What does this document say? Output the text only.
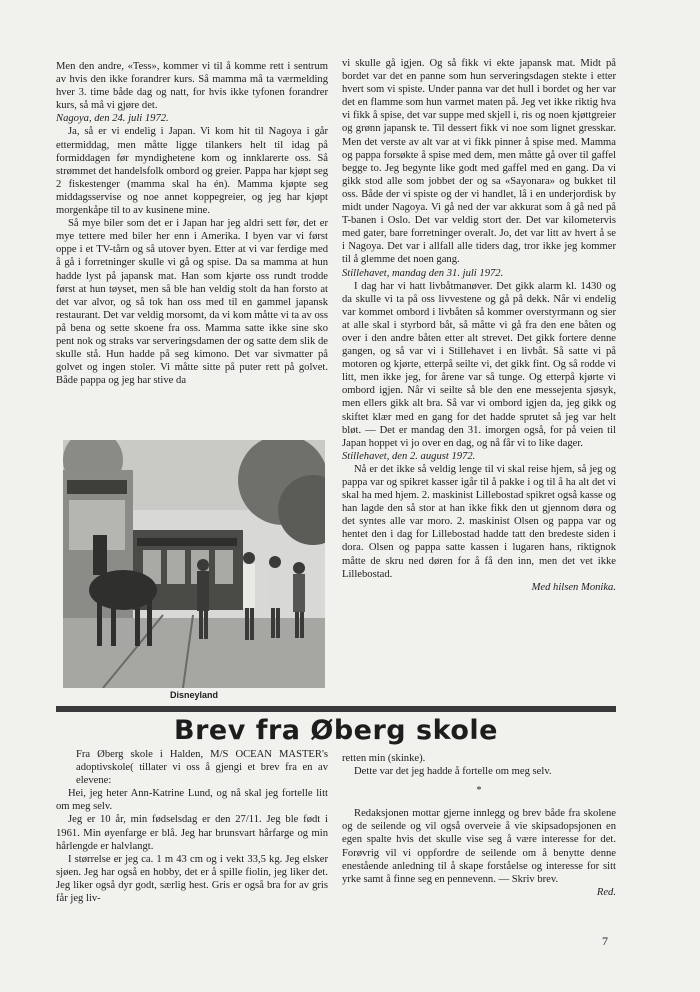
Men den andre, «Tess», kommer vi til å komme rett i sentrum av hvis den ikke forandrer kurs. Så mamma må ta værmelding hver 3. time både dag og natt, for hvis ikke tyfonen forandrer kurs, så må vi gjøre det.

Nagoya, den 24. juli 1972.

Ja, så er vi endelig i Japan. Vi kom hit til Nagoya i går ettermiddag, men måtte ligge tilankers helt til idag på formiddagen før myndighetene kom og innklarerte oss. Så strømmet det handelsfolk ombord og greier. Pappa har kjøpt seg 2 fiskestenger (mamma skal ha én). Mamma kjøpte seg middagsservise og noe annet koppegreier, og jeg har kjøpt morgenkåpe til to av kusinene mine.

Så mye biler som det er i Japan har jeg aldri sett før, det er mye tettere med biler her enn i Amerika. I byen var vi først oppe i et TV-tårn og så utover byen. Etter at vi var ferdige med å gå i forretninger skulle vi gå og spise. Da sa mamma at hun hadde lyst på japansk mat. Han som kjørte oss rundt trodde først at hun tøyset, men så ble han veldig stolt da han forsto at det var alvor, og så tok han oss med til en gammel japansk restaurant. Det var veldig morsomt, da vi kom måtte vi ta av oss på bena og sette skoene fra oss. Mamma satte ikke sine sko pent nok og straks var serveringsdamen der og satte dem slik de skulle stå. Hun hadde på seg kimono. Det var sivmatter på golvet og ingen stoler. Vi måtte sitte på puter rett på golvet. Både pappa og jeg har stive da

Disneyland

vi skulle gå igjen. Og så fikk vi ekte japansk mat. Midt på bordet var det en panne som hun serveringsdagen stekte i etter hvert som vi spiste. Under panna var det hull i bordet og her var det en flamme som hun varmet maten på. Jeg vet ikke riktig hva vi fikk å spise, det var suppe med skjell i, ris og noen kjøttgreier og grønn japansk te. Til dessert fikk vi noe som lignet gresskar. Men det verste av alt var at vi fikk pinner å spise med. Mamma og pappa forsøkte å spise med dem, men måtte gå over til gaffel begge to. Jeg begynte like godt med gaffel med en gang. Da vi gikk stod alle som jobbet der og sa «Sayonara» og bukket til oss. Både der vi spiste og der vi handlet, lå i en underjordisk by midt under Nagoya. Vi gå ned der var akkurat som å gå ned på T-banen i Oslo. Det var veldig stort der. Det var kilometervis med gater, bare forretninger overalt. Jo, det var litt av hvert å se i Nagoya. Det var i allfall alle tiders dag, tror ikke jeg kommer til å glemme det noen gang.

Stillehavet, mandag den 31. juli 1972.

I dag har vi hatt livbåtmanøver. Det gikk alarm kl. 1430 og da skulle vi ta på oss livvestene og gå på dekk. Når vi endelig var kommet ombord i livbåten så kommer overstyrmann og sier at alle skal i styrbord båt, så måtte vi gå fra den ene båten og over i den andre båten etter alt strevet. Det gikk fortere denne gangen, og så var vi i Stillehavet i en livbåt. Så satte vi på motoren og kjørte, etterpå seilte vi, det gikk fint. Og så rodde vi litt, men ikke jeg, for årene var så tunge. Og etterpå kjørte vi ombord igjen. Når vi seilte så ble den ene messejenta sjøsyk, men ellers gikk alt bra. Så var vi ombord igjen da, jeg gikk og skiftet klær med en gang for det hadde sprutet så jeg var helt bløt. — Det er mandag den 31. imorgen også, for på veien til Japan hoppet vi jo over en dag, og nå får vi to like dager.

Stillehavet, den 2. august 1972.

Nå er det ikke så veldig lenge til vi skal reise hjem, så jeg og pappa var og spikret kasser igår til å pakke i og til å ha alt det vi skal ha med hjem. 2. maskinist Lillebostad spikret også kasse og han lagde den så stor at han ikke fikk den ut gjennom døra og det syntes alle var moro. 2. maskinist Olsen og pappa var og hentet den i dag for Lillebostad hadde tatt den bredeste siden i dora. Olsen og pappa satte kassen i lugaren hans, riktignok måtte de skru ned døren for å få den inn, men det vet ikke Lillebostad.

Med hilsen Monika.

Brev fra Øberg skole

Fra Øberg skole i Halden, M/S OCEAN MASTER's adoptivskole( tillater vi oss å gjengi et brev fra en av elevene:

Hei, jeg heter Ann-Katrine Lund, og nå skal jeg fortelle litt om meg selv.

Jeg er 10 år, min fødselsdag er den 27/11. Jeg ble født i 1961. Min øyenfarge er blå. Jeg har brunsvart hårfarge og min hårlengde er halvlangt.

I størrelse er jeg ca. 1 m 43 cm og i vekt 33,5 kg. Jeg elsker sjøen. Jeg har også en hobby, det er å spille fiolin, jeg liker det. Jeg liker også dyr godt, særlig hest. Gris er også bra for av gris får jeg liv-

retten min (skinke).

Dette var det jeg hadde å fortelle om meg selv.

*

Redaksjonen mottar gjerne innlegg og brev både fra skolene og de seilende og vil også overveie å vie skipsadopsjonen en egen spalte hvis det skulle vise seg å være interesse for det. Forøvrig vil vi oppfordre de seilende om å benytte denne enestående anledning til å skape forståelse og interesse for sitt yrke samt å finne seg en pennevenn. — Skriv brev.

Red.

7
